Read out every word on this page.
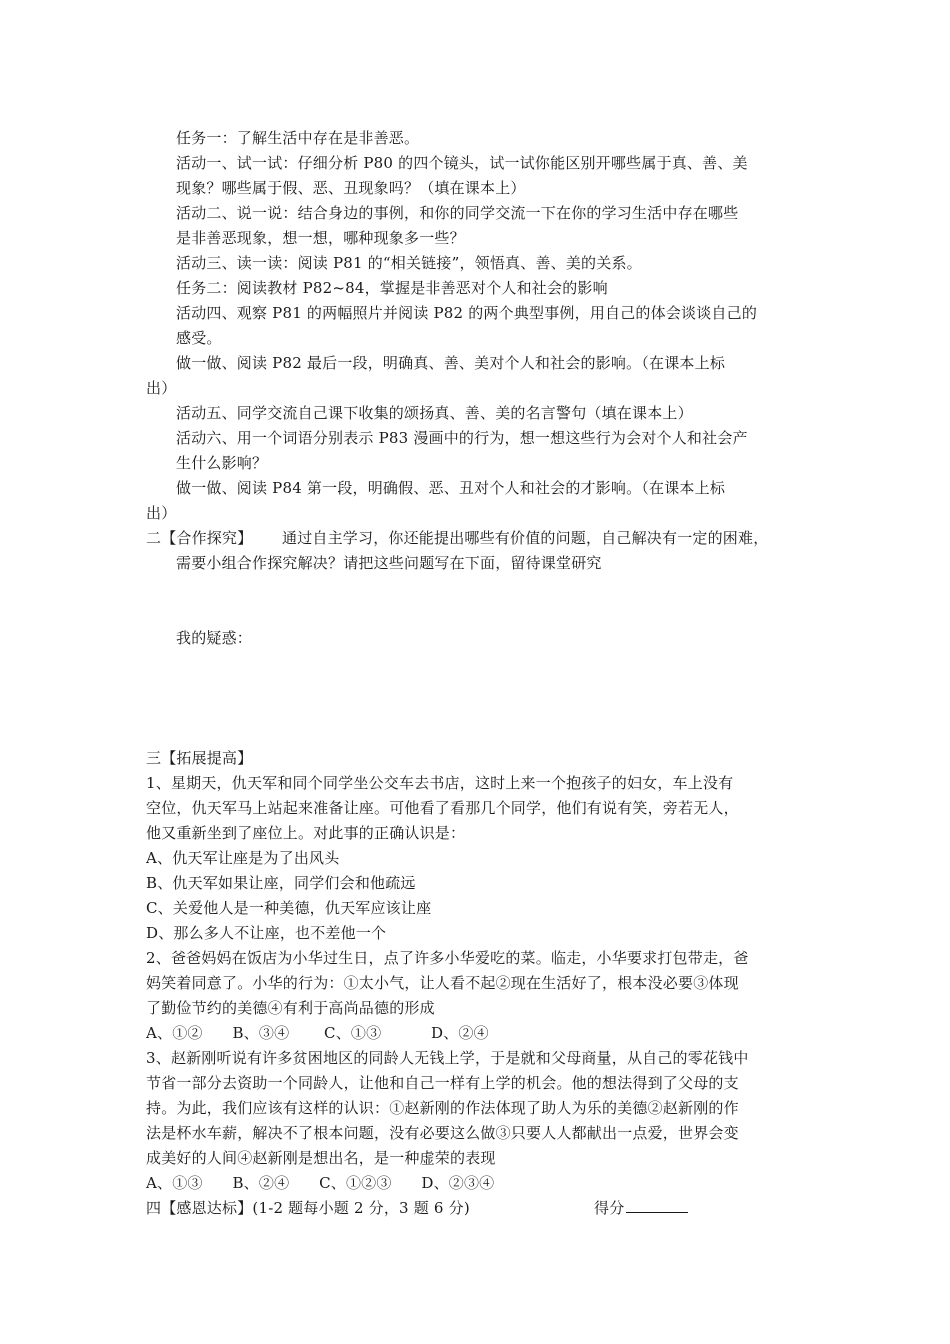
任务一：了解生活中存在是非善恶。
活动一、试一试：仔细分析 P80 的四个镜头，试一试你能区别开哪些属于真、善、美
现象？哪些属于假、恶、丑现象吗？（填在课本上）
活动二、说一说：结合身边的事例，和你的同学交流一下在你的学习生活中存在哪些
是非善恶现象，想一想，哪种现象多一些？
活动三、读一读：阅读 P81 的“相关链接”，领悟真、善、美的关系。
任务二：阅读教材 P82~84，掌握是非善恶对个人和社会的影响
活动四、观察 P81 的两幅照片并阅读 P82 的两个典型事例，用自己的体会谈谈自己的
感受。
做一做、阅读 P82 最后一段，明确真、善、美对个人和社会的影响。（在课本上标
出）
活动五、同学交流自己课下收集的颂扬真、善、美的名言警句（填在课本上）
活动六、用一个词语分别表示 P83 漫画中的行为，想一想这些行为会对个人和社会产
生什么影响？
做一做、阅读 P84 第一段，明确假、恶、丑对个人和社会的才影响。（在课本上标
出）
二【合作探究】 通过自主学习，你还能提出哪些有价值的问题，自己解决有一定的困难，
需要小组合作探究解决？请把这些问题写在下面，留待课堂研究
我的疑惑：
三【拓展提高】
1、星期天，仇天军和同个同学坐公交车去书店，这时上来一个抱孩子的妇女，车上没有
空位，仇天军马上站起来准备让座。可他看了看那几个同学，他们有说有笑，旁若无人，
他又重新坐到了座位上。对此事的正确认识是：
A、仇天军让座是为了出风头
B、仇天军如果让座，同学们会和他疏远
C、关爱他人是一种美德，仇天军应该让座
D、那么多人不让座，也不差他一个
2、爸爸妈妈在饭店为小华过生日，点了许多小华爱吃的菜。临走，小华要求打包带走，爸
妈笑着同意了。小华的行为：①太小气，让人看不起②现在生活好了，根本没必要③体现
了勤俭节约的美德④有利于高尚品德的形成
A、①②      B、③④       C、①③          D、②④
3、赵新刚听说有许多贫困地区的同龄人无钱上学，于是就和父母商量，从自己的零花钱中
节省一部分去资助一个同龄人，让他和自己一样有上学的机会。他的想法得到了父母的支
持。为此，我们应该有这样的认识：①赵新刚的作法体现了助人为乐的美德②赵新刚的作
法是杯水车薪，解决不了根本问题，没有必要这么做③只要人人都献出一点爱，世界会变
成美好的人间④赵新刚是想出名，是一种虚荣的表现
A、①③      B、②④      C、①②③      D、②③④
四【感恩达标】(1-2 题每小题 2 分，3 题 6 分)	得分
